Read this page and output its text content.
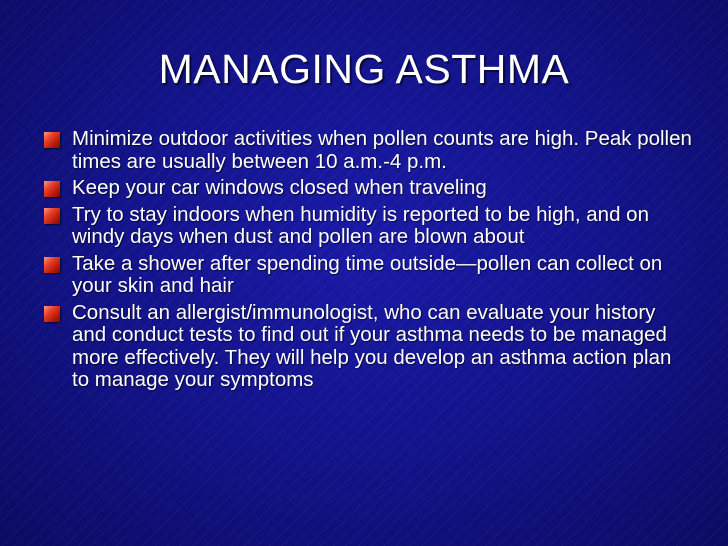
MANAGING ASTHMA
Minimize outdoor activities when pollen counts are high. Peak pollen times are usually between 10 a.m.-4 p.m.
Keep your car windows closed when traveling
Try to stay indoors when humidity is reported to be high, and on windy days when dust and pollen are blown about
Take a shower after spending time outside—pollen can collect on your skin and hair
Consult an allergist/immunologist, who can evaluate your history and conduct tests to find out if your asthma needs to be managed more effectively. They will help you develop an asthma action plan to manage your symptoms
